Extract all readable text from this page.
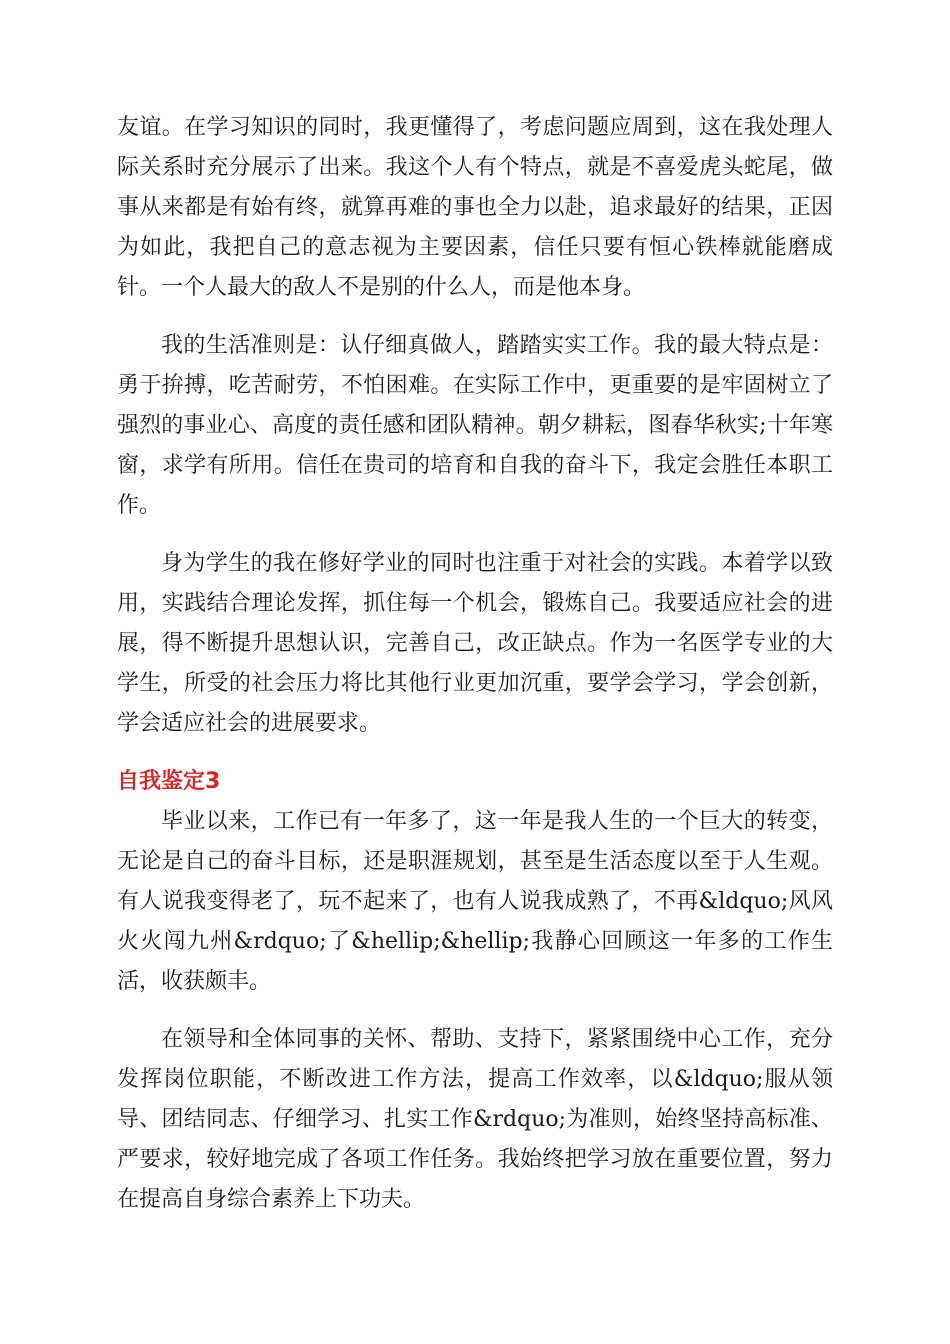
友谊。在学习知识的同时，我更懂得了，考虑问题应周到，这在我处理人际关系时充分展示了出来。我这个人有个特点，就是不喜爱虎头蛇尾，做事从来都是有始有终，就算再难的事也全力以赴，追求最好的结果，正因为如此，我把自己的意志视为主要因素，信任只要有恒心铁棒就能磨成针。一个人最大的敌人不是别的什么人，而是他本身。

我的生活准则是：认仔细真做人，踏踏实实工作。我的最大特点是：勇于拚搏，吃苦耐劳，不怕困难。在实际工作中，更重要的是牢固树立了强烈的事业心、高度的责任感和团队精神。朝夕耕耘，图春华秋实;十年寒窗，求学有所用。信任在贵司的培育和自我的奋斗下，我定会胜任本职工作。

身为学生的我在修好学业的同时也注重于对社会的实践。本着学以致用，实践结合理论发挥，抓住每一个机会，锻炼自己。我要适应社会的进展，得不断提升思想认识，完善自己，改正缺点。作为一名医学专业的大学生，所受的社会压力将比其他行业更加沉重，要学会学习，学会创新，学会适应社会的进展要求。

自我鉴定3

毕业以来，工作已有一年多了，这一年是我人生的一个巨大的转变，无论是自己的奋斗目标，还是职涯规划，甚至是生活态度以至于人生观。有人说我变得老了，玩不起来了，也有人说我成熟了，不再&ldquo;风风火火闯九州&rdquo;了&hellip;&hellip;我静心回顾这一年多的工作生活，收获颇丰。

在领导和全体同事的关怀、帮助、支持下，紧紧围绕中心工作，充分发挥岗位职能，不断改进工作方法，提高工作效率，以&ldquo;服从领导、团结同志、仔细学习、扎实工作&rdquo;为准则，始终坚持高标准、严要求，较好地完成了各项工作任务。我始终把学习放在重要位置，努力在提高自身综合素养上下功夫。
